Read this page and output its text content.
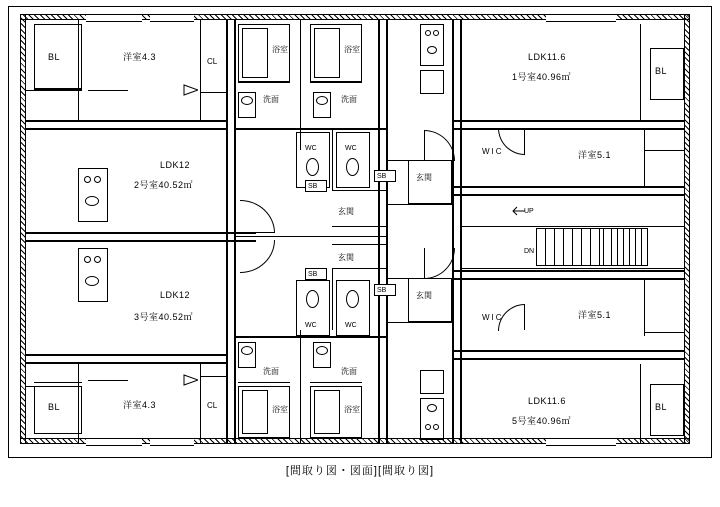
BL	洋室4.3	CL
浴室	浴室
洗面	洗面
WC	WC
SB
SB	玄関
玄関
玄関
玄関
LDK11.6
1号室40.96㎡
WIC	洋室5.1
BL
UP
DN
LDK12
2号室40.52㎡
LDK12
3号室40.52㎡	WIC	洋室5.1
LDK11.6
5号室40.96㎡
BL
WC	WC
SB
SB
洗面	洗面
浴室	浴室
BL	洋室4.3	CL
[間取り図・図面][間取り図]
